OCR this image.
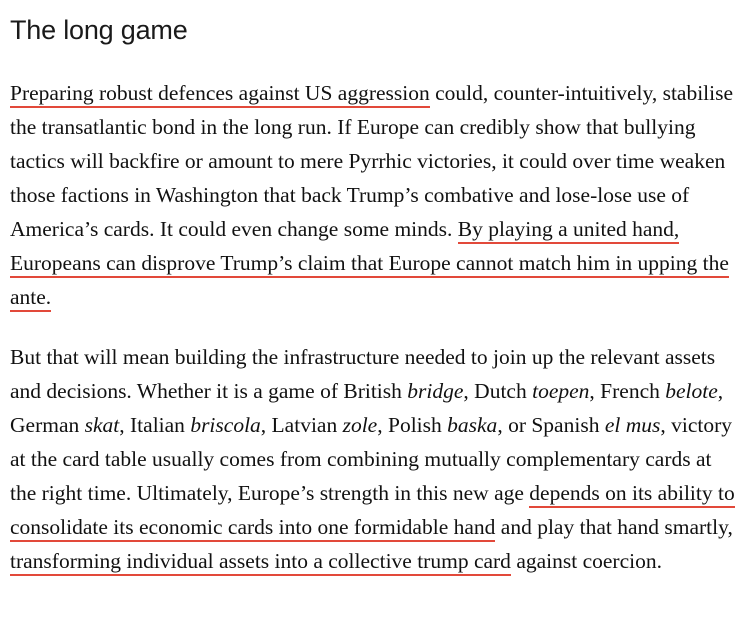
The long game

Preparing robust defences against US aggression could, counter-intuitively, stabilise the transatlantic bond in the long run. If Europe can credibly show that bullying tactics will backfire or amount to mere Pyrrhic victories, it could over time weaken those factions in Washington that back Trump’s combative and lose-lose use of America’s cards. It could even change some minds. By playing a united hand, Europeans can disprove Trump’s claim that Europe cannot match him in upping the ante.

But that will mean building the infrastructure needed to join up the relevant assets and decisions. Whether it is a game of British bridge, Dutch toepen, French belote, German skat, Italian briscola, Latvian zole, Polish baska, or Spanish el mus, victory at the card table usually comes from combining mutually complementary cards at the right time. Ultimately, Europe’s strength in this new age depends on its ability to consolidate its economic cards into one formidable hand and play that hand smartly, transforming individual assets into a collective trump card against coercion.
